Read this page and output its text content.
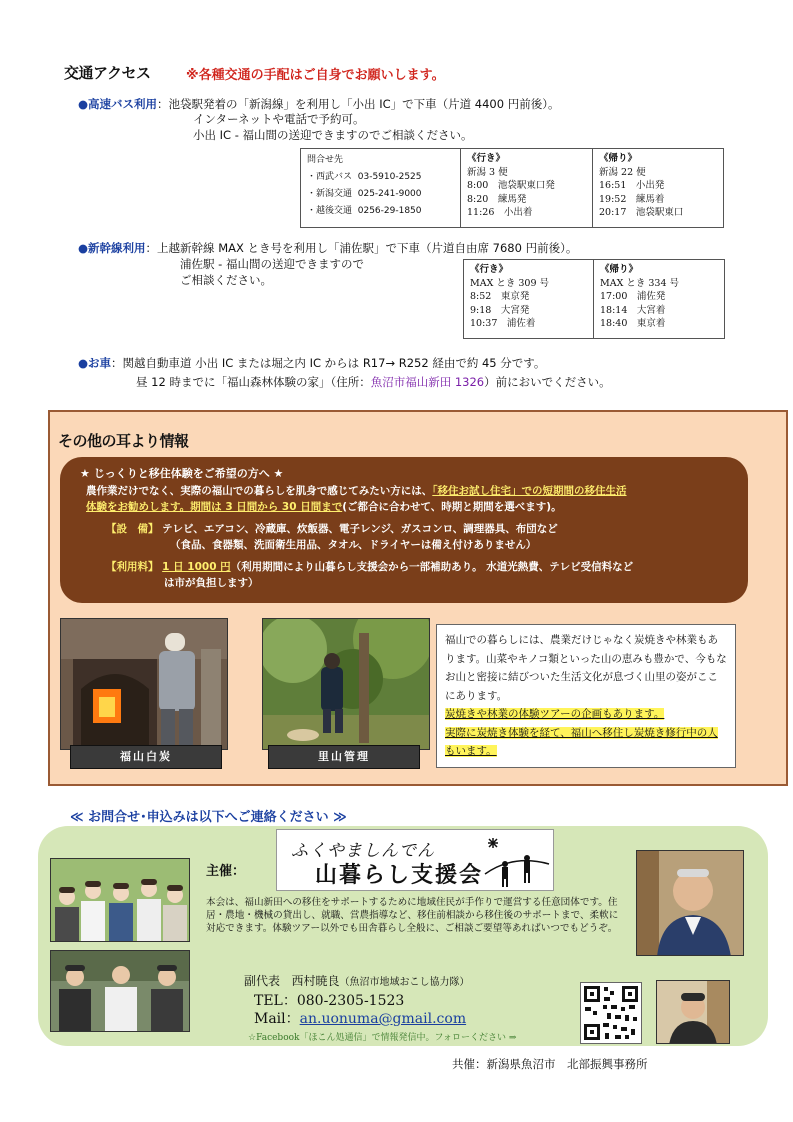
交通アクセス	※各種交通の手配はご自身でお願いします。
●高速バス利用：池袋駅発着の「新潟線」を利用し「小出 IC」で下車（片道 4400 円前後）。
インターネットや電話で予約可。
小出 IC - 福山間の送迎できますのでご相談ください。
問合せ先
・西武バス 03-5910-2525
・新潟交通 025-241-9000
・越後交通 0256-29-1850
《行き》
新潟 3 便
8:00　池袋駅東口発
8:20　練馬発
11:26　小出着
《帰り》
新潟 22 便
16:51　小出発
19:52　練馬着
20:17　池袋駅東口
●新幹線利用：上越新幹線 MAX とき号を利用し「浦佐駅」で下車（片道自由席 7680 円前後）。
浦佐駅 - 福山間の送迎できますので
ご相談ください。
《行き》
MAX とき 309 号
8:52　東京発
9:18　大宮発
10:37　浦佐着
《帰り》
MAX とき 334 号
17:00　浦佐発
18:14　大宮着
18:40　東京着
●お車：関越自動車道 小出 IC または堀之内 IC からは R17→ R252 経由で約 45 分です。
昼 12 時までに「福山森林体験の家」（住所：魚沼市福山新田 1326）前においでください。
その他の耳より情報
★ じっくりと移住体験をご希望の方へ ★
農作業だけでなく、実際の福山での暮らしを肌身で感じてみたい方には、「移住お試し住宅」での短期間の移住生活
体験をお勧めします。期間は 3 日間から 30 日間まで(ご都合に合わせて、時期と期間を選べます)。
【設　備】 テレビ、エアコン、冷蔵庫、炊飯器、電子レンジ、ガスコンロ、調理器具、布団など
（食品、食器類、洗面衛生用品、タオル、ドライヤーは備え付けありません）
【利用料】 1 日 1000 円（利用期間により山暮らし支援会から一部補助あり。 水道光熱費、テレビ受信料など
は市が負担します）
福山白炭	里山管理
福山での暮らしには、農業だけじゃなく炭焼きや林業もあります。山菜やキノコ類といった山の恵みも豊かで、今もなお山と密接に結びついた生活文化が息づく山里の姿がここにあります。
炭焼きや林業の体験ツアーの企画もあります。
実際に炭焼き体験を経て、福山へ移住し炭焼き修行中の人もいます。
≪ お問合せ･申込みは以下へご連絡ください ≫
主催：
ふくやましんでん
山暮らし支援会
本会は、福山新田への移住をサポートするために地域住民が手作りで運営する任意団体です。住居・農地・機械の貸出し、就職、営農指導など、移住前相談から移住後のサポートまで、柔軟に対応できます。体験ツアー以外でも田舎暮らし全般に、ご相談ご要望等あればいつでもどうぞ。
副代表 西村暁良（魚沼市地域おこし協力隊）
TEL：080-2305-1523
Mail：an.uonuma@gmail.com
☆Facebook「ほこん処通信」で情報発信中。フォローください ⇒
共催：新潟県魚沼市　北部振興事務所
